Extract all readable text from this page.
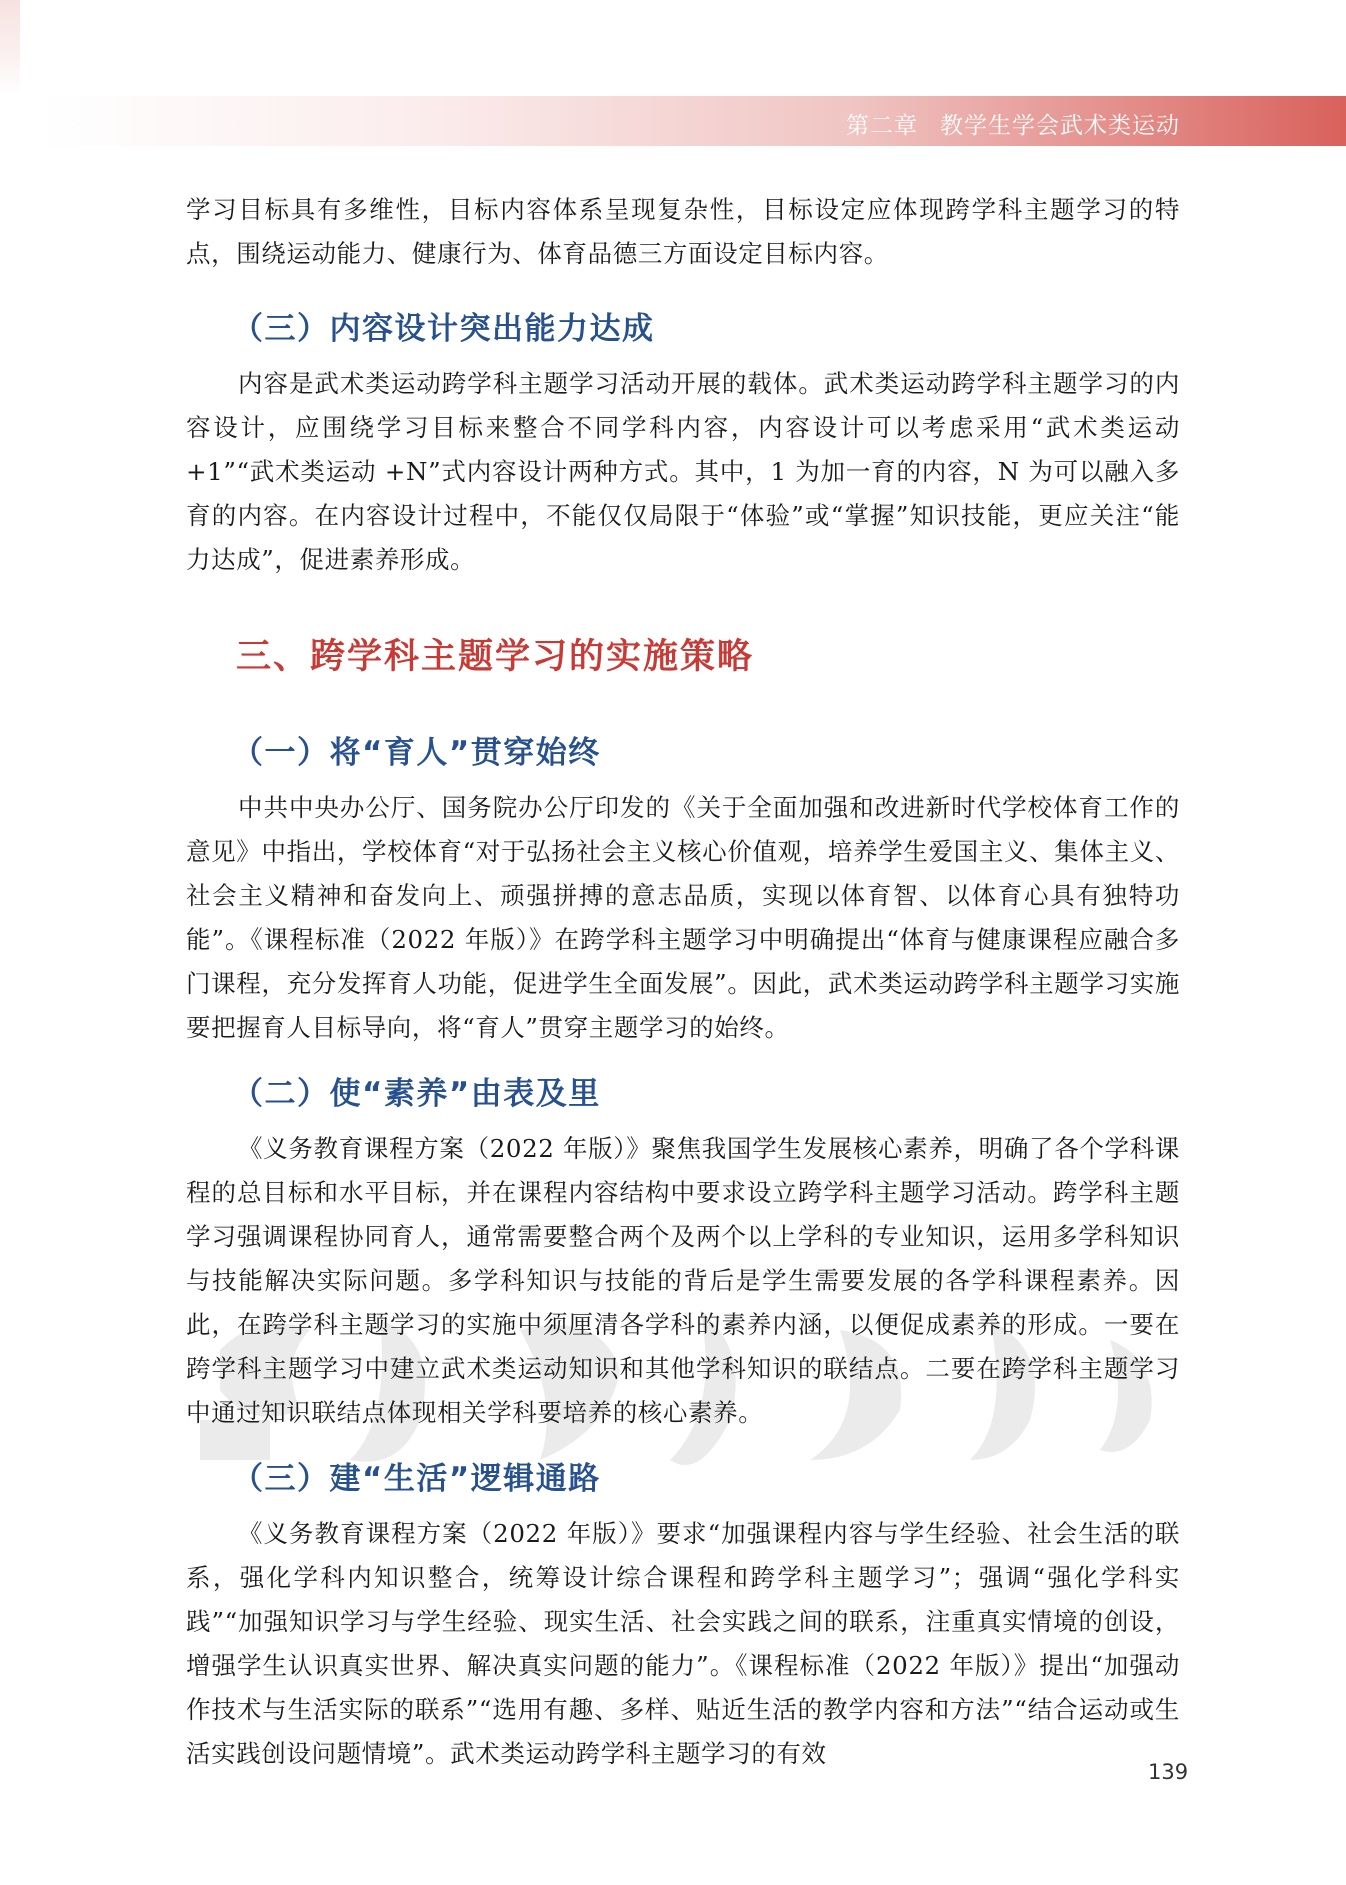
第二章 教学生学会武术类运动

学习目标具有多维性，目标内容体系呈现复杂性，目标设定应体现跨学科主题学习的特点，围绕运动能力、健康行为、体育品德三方面设定目标内容。

（三）内容设计突出能力达成

内容是武术类运动跨学科主题学习活动开展的载体。武术类运动跨学科主题学习的内容设计，应围绕学习目标来整合不同学科内容，内容设计可以考虑采用“武术类运动+1”“武术类运动 +N”式内容设计两种方式。其中，1 为加一育的内容，N 为可以融入多育的内容。在内容设计过程中，不能仅仅局限于“体验”或“掌握”知识技能，更应关注“能力达成”，促进素养形成。

三、跨学科主题学习的实施策略
（一）将“育人”贯穿始终

中共中央办公厅、国务院办公厅印发的《关于全面加强和改进新时代学校体育工作的意见》中指出，学校体育“对于弘扬社会主义核心价值观，培养学生爱国主义、集体主义、社会主义精神和奋发向上、顽强拼搏的意志品质，实现以体育智、以体育心具有独特功能”。《课程标准（2022 年版）》在跨学科主题学习中明确提出“体育与健康课程应融合多门课程，充分发挥育人功能，促进学生全面发展”。因此，武术类运动跨学科主题学习实施要把握育人目标导向，将“育人”贯穿主题学习的始终。

（二）使“素养”由表及里

《义务教育课程方案（2022 年版）》聚焦我国学生发展核心素养，明确了各个学科课程的总目标和水平目标，并在课程内容结构中要求设立跨学科主题学习活动。跨学科主题学习强调课程协同育人，通常需要整合两个及两个以上学科的专业知识，运用多学科知识与技能解决实际问题。多学科知识与技能的背后是学生需要发展的各学科课程素养。因此，在跨学科主题学习的实施中须厘清各学科的素养内涵，以便促成素养的形成。一要在跨学科主题学习中建立武术类运动知识和其他学科知识的联结点。二要在跨学科主题学习中通过知识联结点体现相关学科要培养的核心素养。

（三）建“生活”逻辑通路

《义务教育课程方案（2022 年版）》要求“加强课程内容与学生经验、社会生活的联系，强化学科内知识整合，统筹设计综合课程和跨学科主题学习”；强调“强化学科实践”“加强知识学习与学生经验、现实生活、社会实践之间的联系，注重真实情境的创设，增强学生认识真实世界、解决真实问题的能力”。《课程标准（2022 年版）》提出“加强动作技术与生活实际的联系”“选用有趣、多样、贴近生活的教学内容和方法”“结合运动或生活实践创设问题情境”。武术类运动跨学科主题学习的有效

139
